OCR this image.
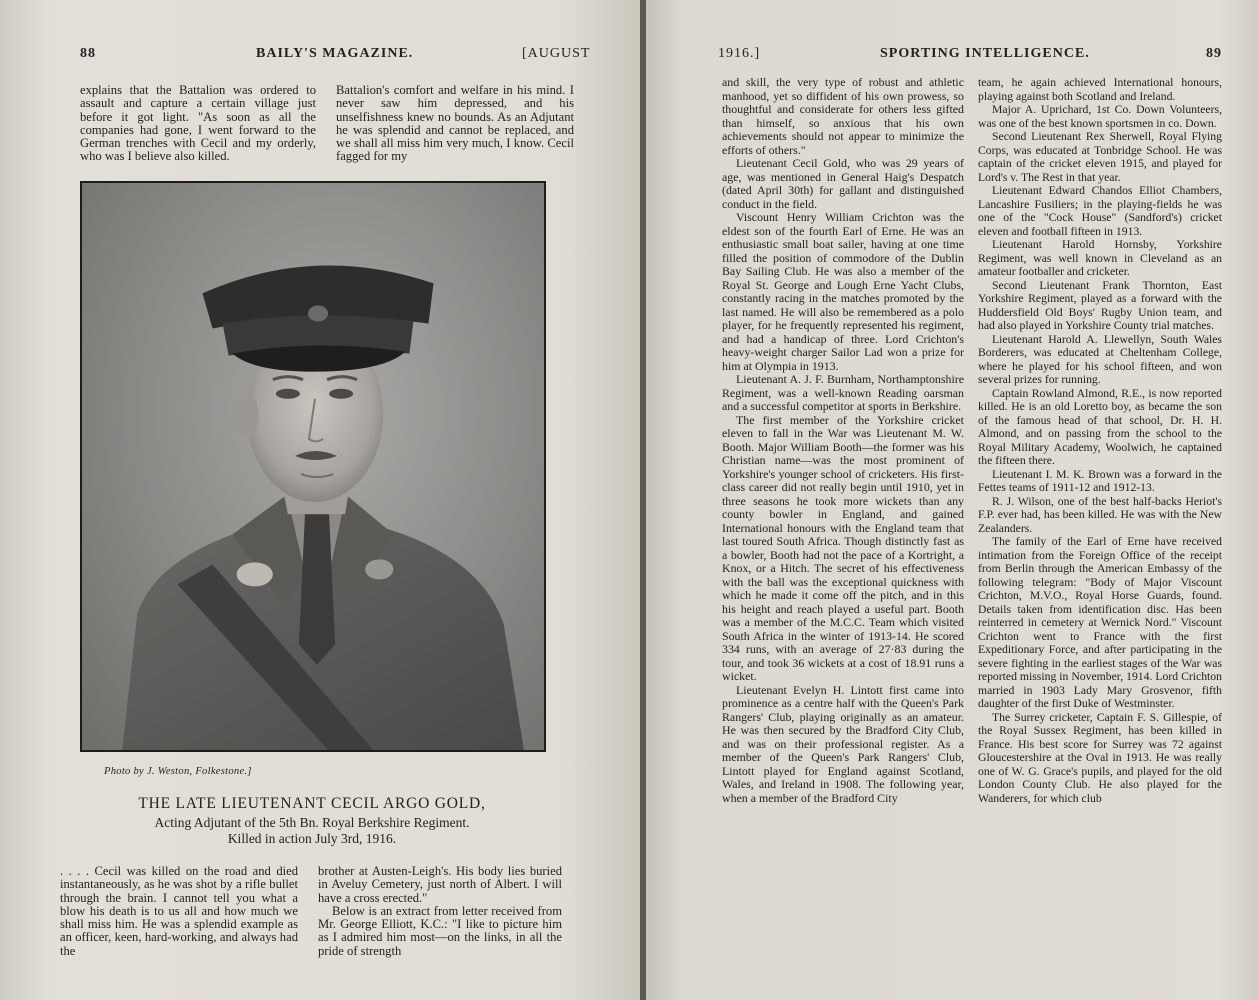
88	BAILY'S MAGAZINE.	[AUGUST

explains that the Battalion was ordered to assault and capture a certain village just before it got light. "As soon as all the companies had gone, I went forward to the German trenches with Cecil and my orderly, who was I believe also killed.

Battalion's comfort and welfare in his mind. I never saw him depressed, and his unselfishness knew no bounds. As an Adjutant he was splendid and cannot be replaced, and we shall all miss him very much, I know. Cecil fagged for my

Photo by J. Weston, Folkestone.]
THE LATE LIEUTENANT CECIL ARGO GOLD,
Acting Adjutant of the 5th Bn. Royal Berkshire Regiment.
Killed in action July 3rd, 1916.

. . . . Cecil was killed on the road and died instantaneously, as he was shot by a rifle bullet through the brain. I cannot tell you what a blow his death is to us all and how much we shall miss him. He was a splendid example as an officer, keen, hard-working, and always had the

brother at Austen-Leigh's. His body lies buried in Aveluy Cemetery, just north of Albert. I will have a cross erected."

Below is an extract from letter received from Mr. George Elliott, K.C.: "I like to picture him as I admired him most—on the links, in all the pride of strength

1916.]	SPORTING INTELLIGENCE.	89

and skill, the very type of robust and athletic manhood, yet so diffident of his own prowess, so thoughtful and considerate for others less gifted than himself, so anxious that his own achievements should not appear to minimize the efforts of others."

Lieutenant Cecil Gold, who was 29 years of age, was mentioned in General Haig's Despatch (dated April 30th) for gallant and distinguished conduct in the field.

Viscount Henry William Crichton was the eldest son of the fourth Earl of Erne. He was an enthusiastic small boat sailer, having at one time filled the position of commodore of the Dublin Bay Sailing Club. He was also a member of the Royal St. George and Lough Erne Yacht Clubs, constantly racing in the matches promoted by the last named. He will also be remembered as a polo player, for he frequently represented his regiment, and had a handicap of three. Lord Crichton's heavy-weight charger Sailor Lad won a prize for him at Olympia in 1913.

Lieutenant A. J. F. Burnham, Northamptonshire Regiment, was a well-known Reading oarsman and a successful competitor at sports in Berkshire.

The first member of the Yorkshire cricket eleven to fall in the War was Lieutenant M. W. Booth. Major William Booth—the former was his Christian name—was the most prominent of Yorkshire's younger school of cricketers. His first-class career did not really begin until 1910, yet in three seasons he took more wickets than any county bowler in England, and gained International honours with the England team that last toured South Africa. Though distinctly fast as a bowler, Booth had not the pace of a Kortright, a Knox, or a Hitch. The secret of his effectiveness with the ball was the exceptional quickness with which he made it come off the pitch, and in this his height and reach played a useful part. Booth was a member of the M.C.C. Team which visited South Africa in the winter of 1913-14. He scored 334 runs, with an average of 27·83 during the tour, and took 36 wickets at a cost of 18.91 runs a wicket.

Lieutenant Evelyn H. Lintott first came into prominence as a centre half with the Queen's Park Rangers' Club, playing originally as an amateur. He was then secured by the Bradford City Club, and was on their professional register. As a member of the Queen's Park Rangers' Club, Lintott played for England against Scotland, Wales, and Ireland in 1908. The following year, when a member of the Bradford City

team, he again achieved International honours, playing against both Scotland and Ireland.

Major A. Uprichard, 1st Co. Down Volunteers, was one of the best known sportsmen in co. Down.

Second Lieutenant Rex Sherwell, Royal Flying Corps, was educated at Tonbridge School. He was captain of the cricket eleven 1915, and played for Lord's v. The Rest in that year.

Lieutenant Edward Chandos Elliot Chambers, Lancashire Fusiliers; in the playing-fields he was one of the "Cock House" (Sandford's) cricket eleven and football fifteen in 1913.

Lieutenant Harold Hornsby, Yorkshire Regiment, was well known in Cleveland as an amateur footballer and cricketer.

Second Lieutenant Frank Thornton, East Yorkshire Regiment, played as a forward with the Huddersfield Old Boys' Rugby Union team, and had also played in Yorkshire County trial matches.

Lieutenant Harold A. Llewellyn, South Wales Borderers, was educated at Cheltenham College, where he played for his school fifteen, and won several prizes for running.

Captain Rowland Almond, R.E., is now reported killed. He is an old Loretto boy, as became the son of the famous head of that school, Dr. H. H. Almond, and on passing from the school to the Royal Military Academy, Woolwich, he captained the fifteen there.

Lieutenant I. M. K. Brown was a forward in the Fettes teams of 1911-12 and 1912-13.

R. J. Wilson, one of the best half-backs Heriot's F.P. ever had, has been killed. He was with the New Zealanders.

The family of the Earl of Erne have received intimation from the Foreign Office of the receipt from Berlin through the American Embassy of the following telegram: "Body of Major Viscount Crichton, M.V.O., Royal Horse Guards, found. Details taken from identification disc. Has been reinterred in cemetery at Wernick Nord." Viscount Crichton went to France with the first Expeditionary Force, and after participating in the severe fighting in the earliest stages of the War was reported missing in November, 1914. Lord Crichton married in 1903 Lady Mary Grosvenor, fifth daughter of the first Duke of Westminster.

The Surrey cricketer, Captain F. S. Gillespie, of the Royal Sussex Regiment, has been killed in France. His best score for Surrey was 72 against Gloucestershire at the Oval in 1913. He was really one of W. G. Grace's pupils, and played for the old London County Club. He also played for the Wanderers, for which club
